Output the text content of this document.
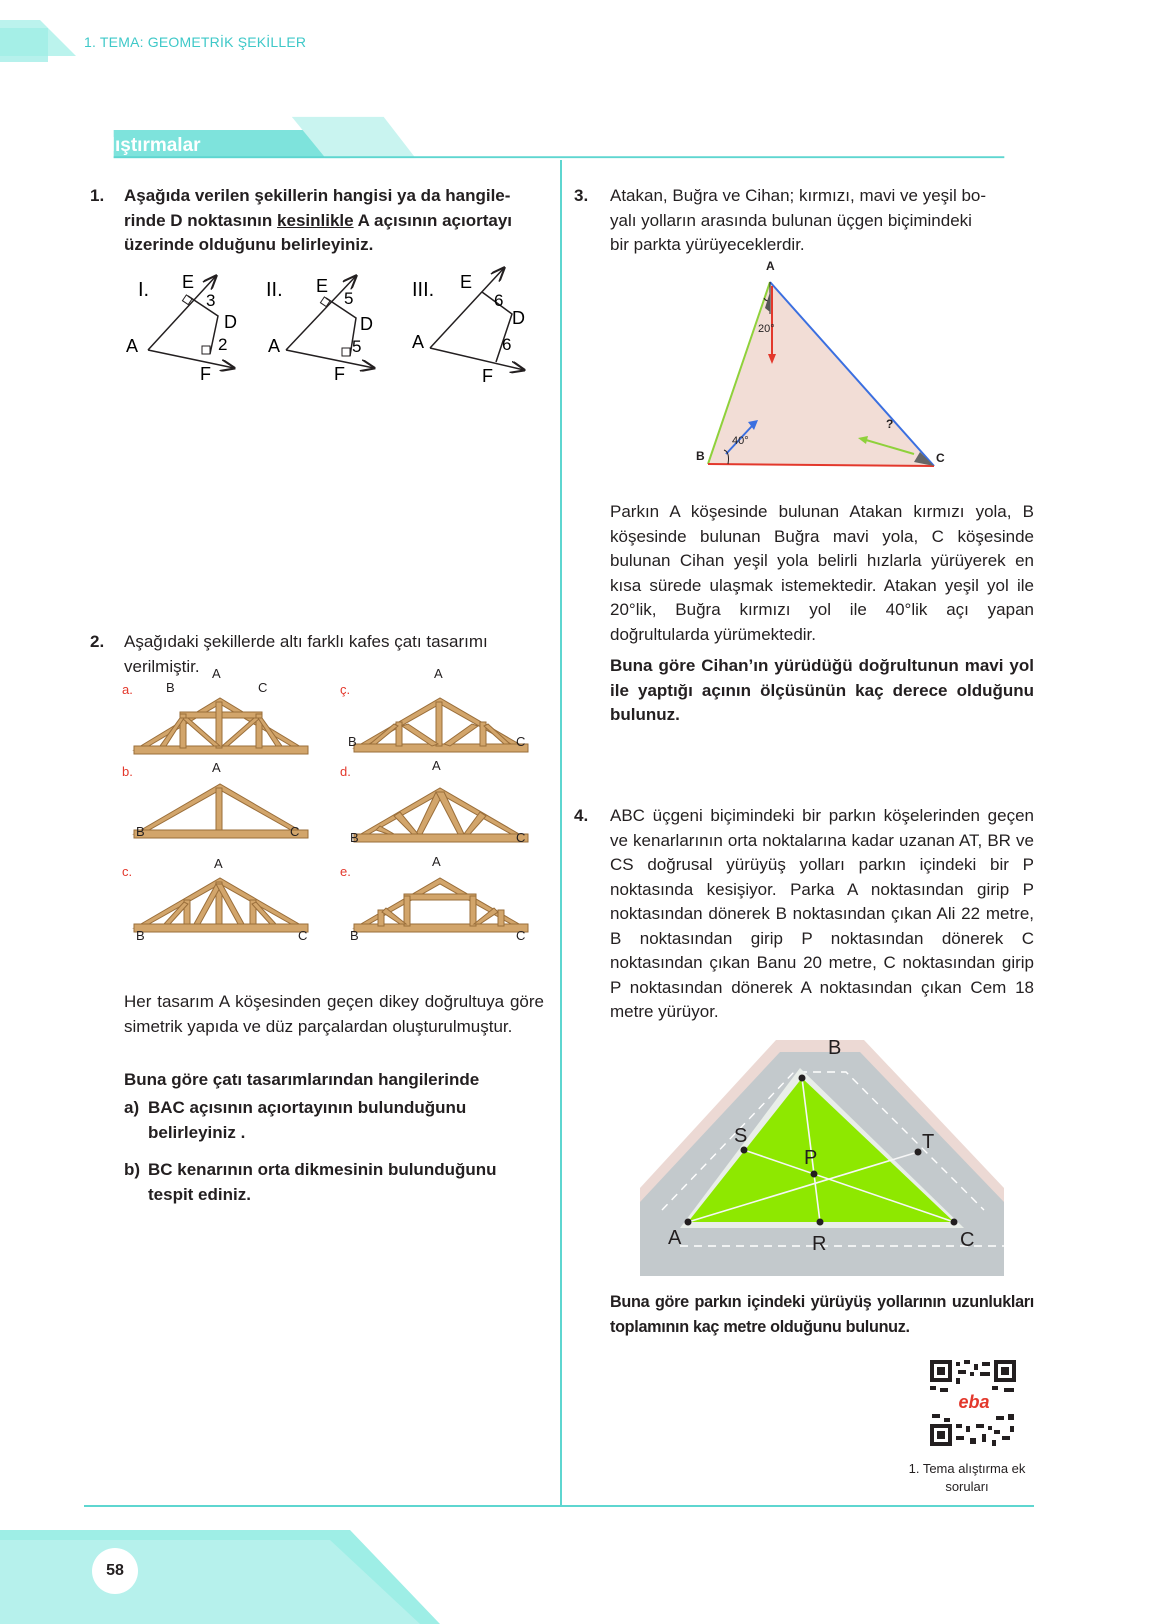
1. TEMA: GEOMETRİK ŞEKİLLER
Alıştırmalar
1. Aşağıda verilen şekillerin hangisi ya da hangile-
rinde D noktasının kesinlikle A açısının açıortayı
üzerinde olduğunu belirleyiniz.
I.
A
E
3
D
2
F
II.
A
E
5
D
5
F
III.
A
E
6
D
6
F
2. Aşağıdaki şekillerde altı farklı kafes çatı tasarımı
verilmiştir.
a.
A
B	C	ç.
A
B	C
b.	A
B	C
d.	A
B	C
c.
A
B	C
e.
A
B	C
Her tasarım A köşesinden geçen dikey doğrultuya göre simetrik yapıda ve düz parçalardan oluşturulmuştur.
Buna göre çatı tasarımlarından hangilerinde
a) BAC açısının açıortayının bulunduğunu belirleyiniz .
b) BC kenarının orta dikmesinin bulunduğunu tespit ediniz.
3. Atakan, Buğra ve Cihan; kırmızı, mavi ve yeşil bo-
yalı yolların arasında bulunan üçgen biçimindeki
bir parkta yürüyeceklerdir.
A
B	C
?
20°
40°
Parkın A köşesinde bulunan Atakan kırmızı yola, B köşesinde bulunan Buğra mavi yola, C köşesinde bulunan Cihan yeşil yola belirli hızlarla yürüyerek en kısa sürede ulaşmak istemektedir. Atakan yeşil yol ile 20°lik, Buğra kırmızı yol ile 40°lik açı yapan doğrultularda yürümektedir.
Buna göre Cihan’ın yürüdüğü doğrultunun mavi yol ile yaptığı açının ölçüsünün kaç derece olduğunu bulunuz.
4. ABC üçgeni biçimindeki bir parkın köşelerinden geçen ve kenarlarının orta noktalarına kadar uzanan AT, BR ve CS doğrusal yürüyüş yolları parkın içindeki bir P noktasında kesişiyor. Parka A noktasından girip P noktasından dönerek B noktasından çıkan Ali 22 metre, B noktasından girip P noktasından dönerek C noktasından çıkan Banu 20 metre, C noktasından girip P noktasından dönerek A noktasından çıkan Cem 18 metre yürüyor.
A
B
C
S	T
P
R
Buna göre parkın içindeki yürüyüş yollarının uzunlukları toplamının kaç metre olduğunu bulunuz.
eba
1. Tema alıştırma ek
soruları
58
